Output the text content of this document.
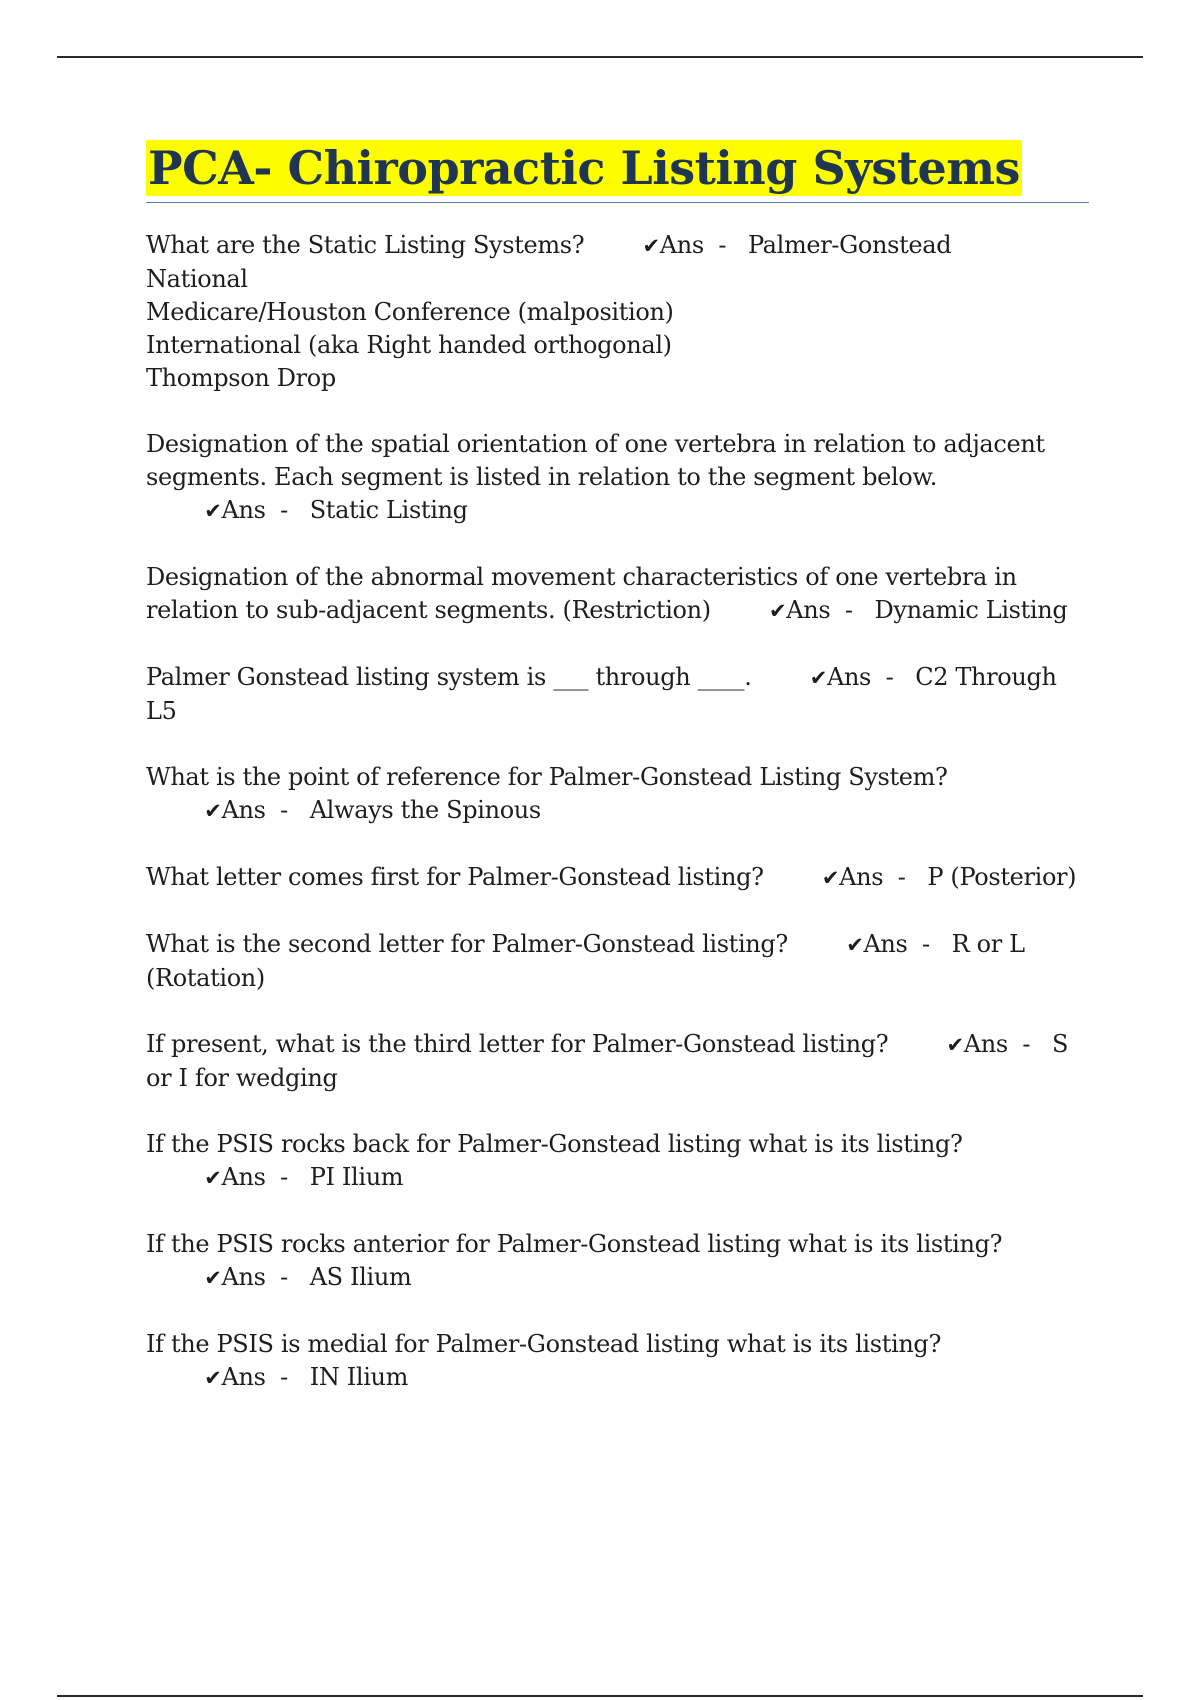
PCA- Chiropractic Listing Systems

What are the Static Listing Systems?	✔Ans  -   Palmer-Gonstead
National
Medicare/Houston Conference (malposition)
International (aka Right handed orthogonal)
Thompson Drop

Designation of the spatial orientation of one vertebra in relation to adjacent segments. Each segment is listed in relation to the segment below.        ✔Ans  -   Static Listing

Designation of the abnormal movement characteristics of one vertebra in relation to sub-adjacent segments. (Restriction)	✔Ans  -   Dynamic Listing

Palmer Gonstead listing system is ___ through ____.	✔Ans  -   C2 Through L5

What is the point of reference for Palmer-Gonstead Listing System?        ✔Ans  -   Always the Spinous

What letter comes first for Palmer-Gonstead listing?	✔Ans  -   P (Posterior)

What is the second letter for Palmer-Gonstead listing?	✔Ans  -   R or L (Rotation)

If present, what is the third letter for Palmer-Gonstead listing?	✔Ans  -   S or I for wedging

If the PSIS rocks back for Palmer-Gonstead listing what is its listing?        ✔Ans  -   PI Ilium

If the PSIS rocks anterior for Palmer-Gonstead listing what is its listing?        ✔Ans  -   AS Ilium

If the PSIS is medial for Palmer-Gonstead listing what is its listing?        ✔Ans  -   IN Ilium
